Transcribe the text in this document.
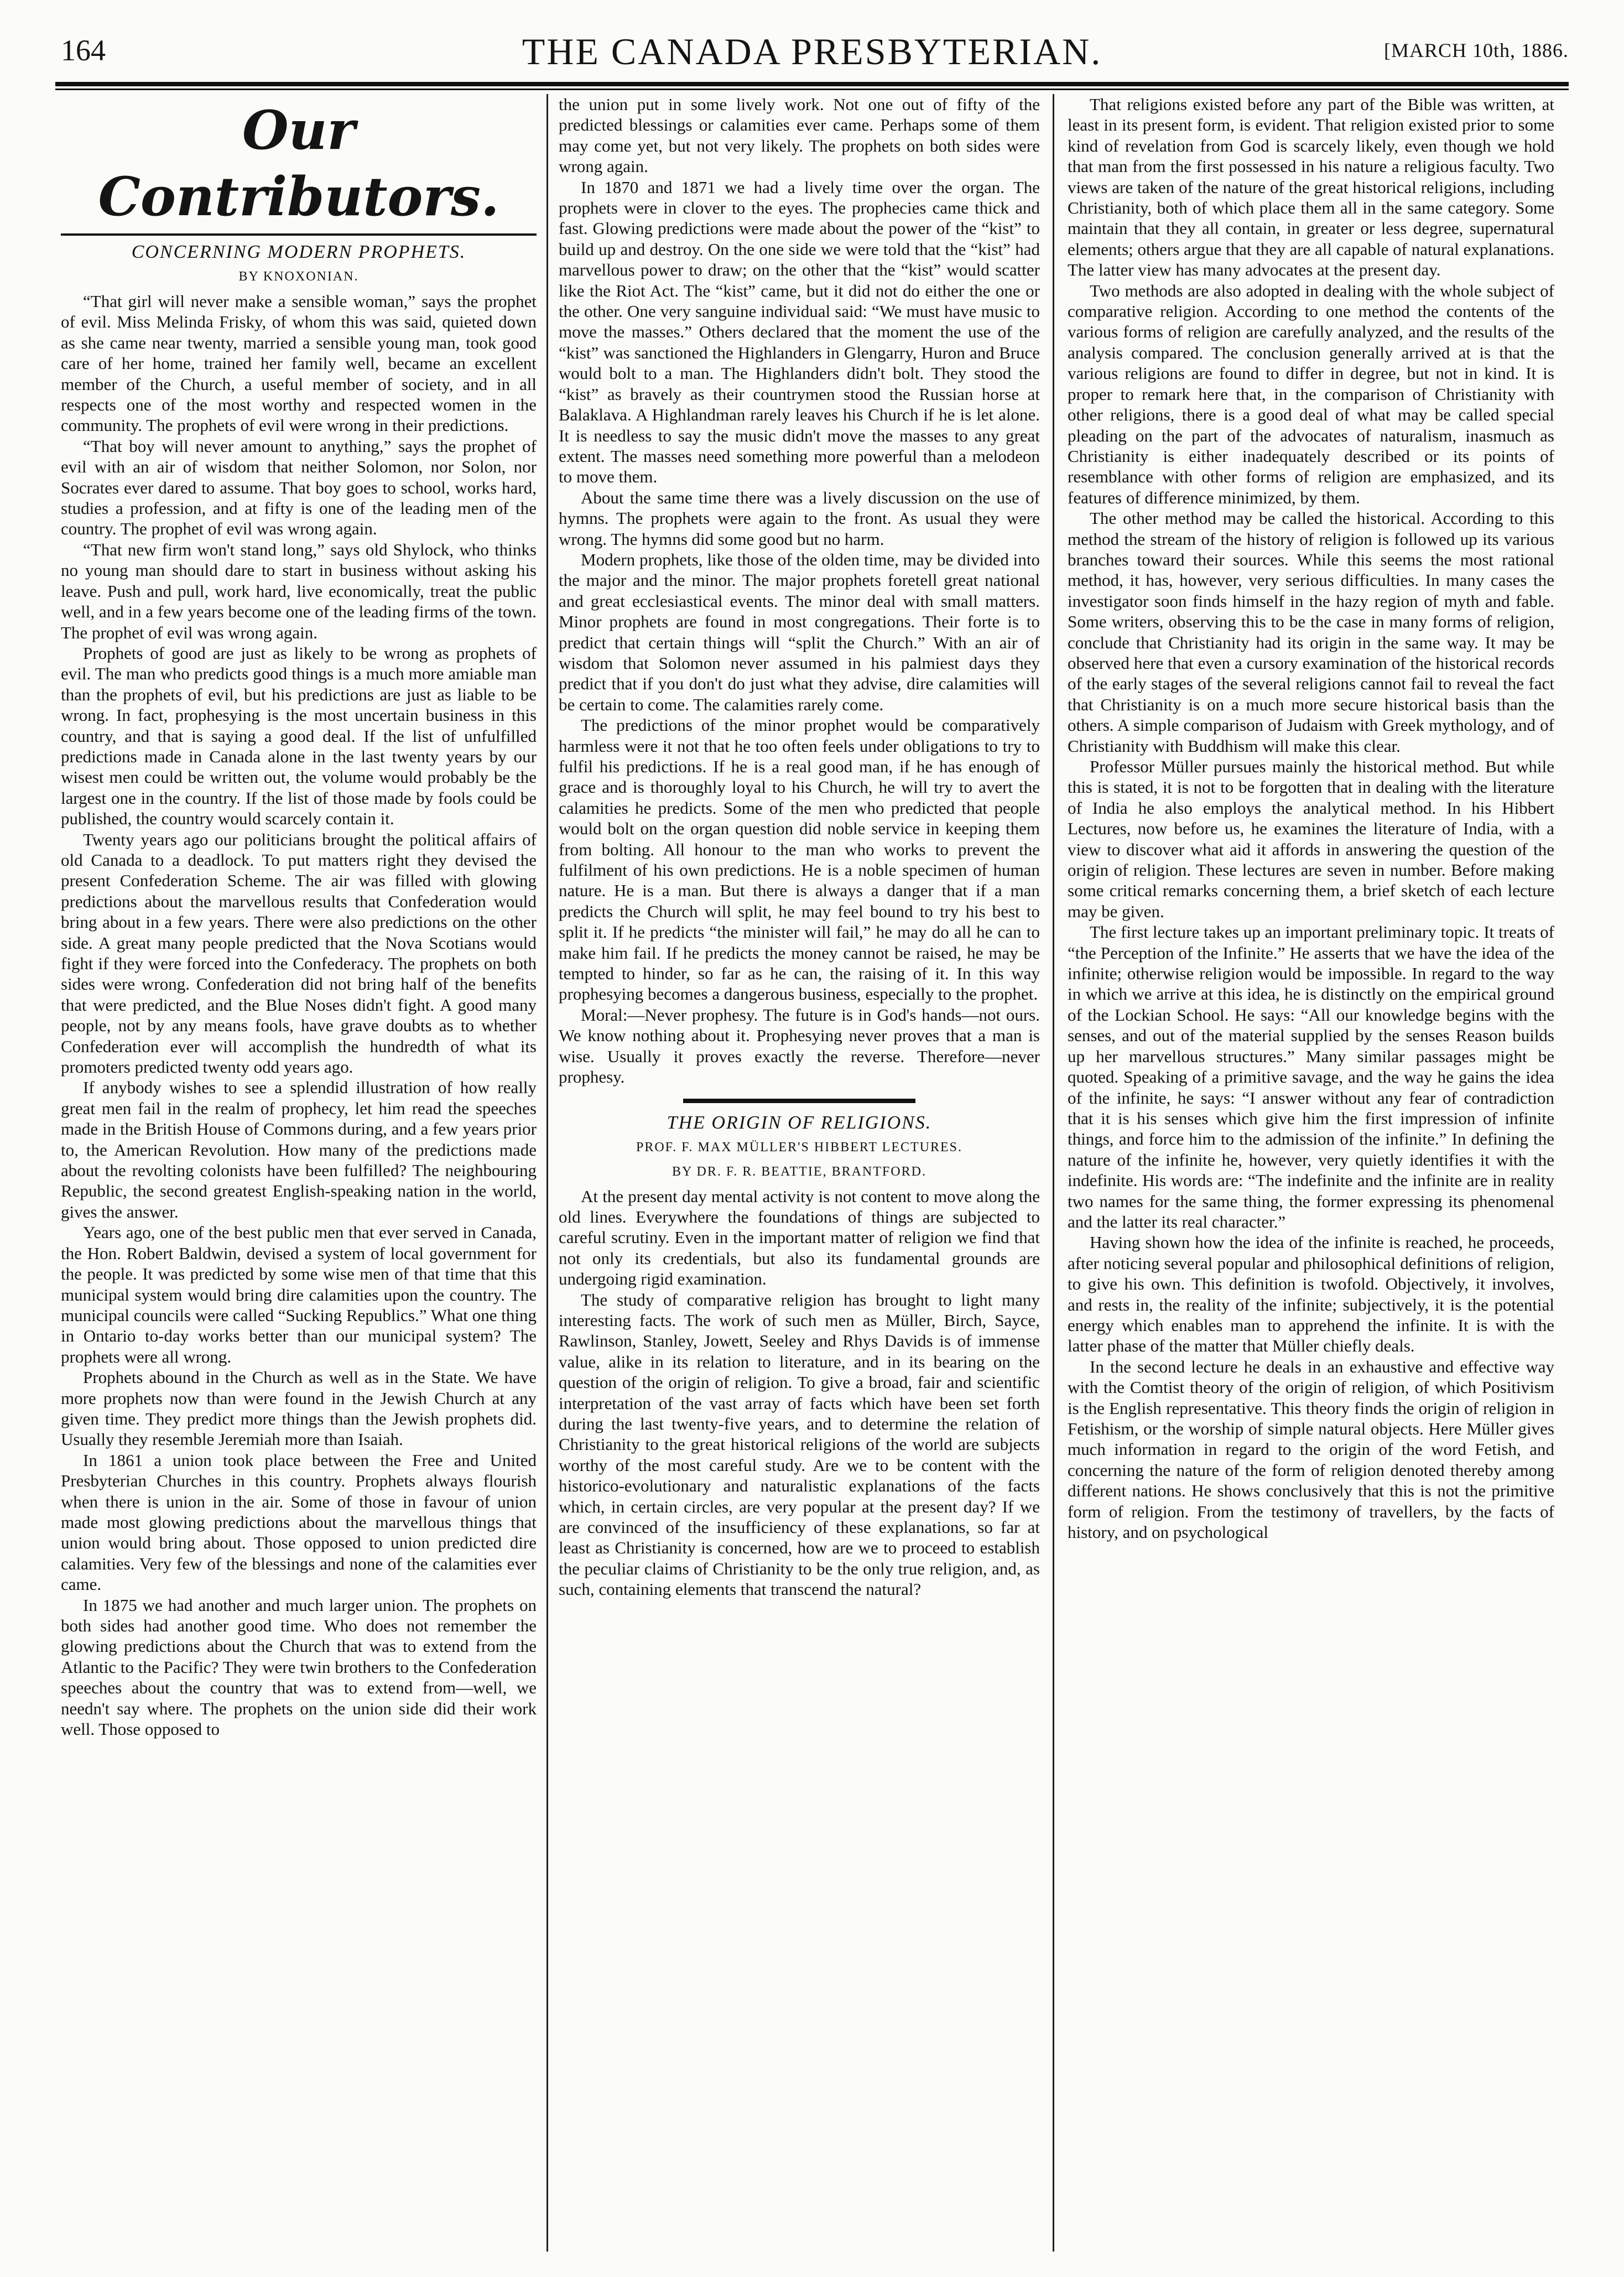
164	THE CANADA PRESBYTERIAN.	[MARCH 10th, 1886.
Our Contributors.
CONCERNING MODERN PROPHETS.
BY KNOXONIAN.

“That girl will never make a sensible woman,” says the prophet of evil. Miss Melinda Frisky, of whom this was said, quieted down as she came near twenty, married a sensible young man, took good care of her home, trained her family well, became an excellent member of the Church, a useful member of society, and in all respects one of the most worthy and respected women in the community. The prophets of evil were wrong in their predictions.

“That boy will never amount to anything,” says the prophet of evil with an air of wisdom that neither Solomon, nor Solon, nor Socrates ever dared to assume. That boy goes to school, works hard, studies a profession, and at fifty is one of the leading men of the country. The prophet of evil was wrong again.

“That new firm won't stand long,” says old Shylock, who thinks no young man should dare to start in business without asking his leave. Push and pull, work hard, live economically, treat the public well, and in a few years become one of the leading firms of the town. The prophet of evil was wrong again.

Prophets of good are just as likely to be wrong as prophets of evil. The man who predicts good things is a much more amiable man than the prophets of evil, but his predictions are just as liable to be wrong. In fact, prophesying is the most uncertain business in this country, and that is saying a good deal. If the list of unfulfilled predictions made in Canada alone in the last twenty years by our wisest men could be written out, the volume would probably be the largest one in the country. If the list of those made by fools could be published, the country would scarcely contain it.

Twenty years ago our politicians brought the political affairs of old Canada to a deadlock. To put matters right they devised the present Confederation Scheme. The air was filled with glowing predictions about the marvellous results that Confederation would bring about in a few years. There were also predictions on the other side. A great many people predicted that the Nova Scotians would fight if they were forced into the Confederacy. The prophets on both sides were wrong. Confederation did not bring half of the benefits that were predicted, and the Blue Noses didn't fight. A good many people, not by any means fools, have grave doubts as to whether Confederation ever will accomplish the hundredth of what its promoters predicted twenty odd years ago.

If anybody wishes to see a splendid illustration of how really great men fail in the realm of prophecy, let him read the speeches made in the British House of Commons during, and a few years prior to, the American Revolution. How many of the predictions made about the revolting colonists have been fulfilled? The neighbouring Republic, the second greatest English-speaking nation in the world, gives the answer.

Years ago, one of the best public men that ever served in Canada, the Hon. Robert Baldwin, devised a system of local government for the people. It was predicted by some wise men of that time that this municipal system would bring dire calamities upon the country. The municipal councils were called “Sucking Republics.” What one thing in Ontario to-day works better than our municipal system? The prophets were all wrong.

Prophets abound in the Church as well as in the State. We have more prophets now than were found in the Jewish Church at any given time. They predict more things than the Jewish prophets did. Usually they resemble Jeremiah more than Isaiah.

In 1861 a union took place between the Free and United Presbyterian Churches in this country. Prophets always flourish when there is union in the air. Some of those in favour of union made most glowing predictions about the marvellous things that union would bring about. Those opposed to union predicted dire calamities. Very few of the blessings and none of the calamities ever came.

In 1875 we had another and much larger union. The prophets on both sides had another good time. Who does not remember the glowing predictions about the Church that was to extend from the Atlantic to the Pacific? They were twin brothers to the Confederation speeches about the country that was to extend from—well, we needn't say where. The prophets on the union side did their work well. Those opposed to

the union put in some lively work. Not one out of fifty of the predicted blessings or calamities ever came. Perhaps some of them may come yet, but not very likely. The prophets on both sides were wrong again.

In 1870 and 1871 we had a lively time over the organ. The prophets were in clover to the eyes. The prophecies came thick and fast. Glowing predictions were made about the power of the “kist” to build up and destroy. On the one side we were told that the “kist” had marvellous power to draw; on the other that the “kist” would scatter like the Riot Act. The “kist” came, but it did not do either the one or the other. One very sanguine individual said: “We must have music to move the masses.” Others declared that the moment the use of the “kist” was sanctioned the Highlanders in Glengarry, Huron and Bruce would bolt to a man. The Highlanders didn't bolt. They stood the “kist” as bravely as their countrymen stood the Russian horse at Balaklava. A Highlandman rarely leaves his Church if he is let alone. It is needless to say the music didn't move the masses to any great extent. The masses need something more powerful than a melodeon to move them.

About the same time there was a lively discussion on the use of hymns. The prophets were again to the front. As usual they were wrong. The hymns did some good but no harm.

Modern prophets, like those of the olden time, may be divided into the major and the minor. The major prophets foretell great national and great ecclesiastical events. The minor deal with small matters. Minor prophets are found in most congregations. Their forte is to predict that certain things will “split the Church.” With an air of wisdom that Solomon never assumed in his palmiest days they predict that if you don't do just what they advise, dire calamities will be certain to come. The calamities rarely come.

The predictions of the minor prophet would be comparatively harmless were it not that he too often feels under obligations to try to fulfil his predictions. If he is a real good man, if he has enough of grace and is thoroughly loyal to his Church, he will try to avert the calamities he predicts. Some of the men who predicted that people would bolt on the organ question did noble service in keeping them from bolting. All honour to the man who works to prevent the fulfilment of his own predictions. He is a noble specimen of human nature. He is a man. But there is always a danger that if a man predicts the Church will split, he may feel bound to try his best to split it. If he predicts “the minister will fail,” he may do all he can to make him fail. If he predicts the money cannot be raised, he may be tempted to hinder, so far as he can, the raising of it. In this way prophesying becomes a dangerous business, especially to the prophet.

Moral:—Never prophesy. The future is in God's hands—not ours. We know nothing about it. Prophesying never proves that a man is wise. Usually it proves exactly the reverse. Therefore—never prophesy.

THE ORIGIN OF RELIGIONS.
PROF. F. MAX MÜLLER'S HIBBERT LECTURES.
BY DR. F. R. BEATTIE, BRANTFORD.

At the present day mental activity is not content to move along the old lines. Everywhere the foundations of things are subjected to careful scrutiny. Even in the important matter of religion we find that not only its credentials, but also its fundamental grounds are undergoing rigid examination.

The study of comparative religion has brought to light many interesting facts. The work of such men as Müller, Birch, Sayce, Rawlinson, Stanley, Jowett, Seeley and Rhys Davids is of immense value, alike in its relation to literature, and in its bearing on the question of the origin of religion. To give a broad, fair and scientific interpretation of the vast array of facts which have been set forth during the last twenty-five years, and to determine the relation of Christianity to the great historical religions of the world are subjects worthy of the most careful study. Are we to be content with the historico-evolutionary and naturalistic explanations of the facts which, in certain circles, are very popular at the present day? If we are convinced of the insufficiency of these explanations, so far at least as Christianity is concerned, how are we to proceed to establish the peculiar claims of Christianity to be the only true religion, and, as such, containing elements that transcend the natural?

That religions existed before any part of the Bible was written, at least in its present form, is evident. That religion existed prior to some kind of revelation from God is scarcely likely, even though we hold that man from the first possessed in his nature a religious faculty. Two views are taken of the nature of the great historical religions, including Christianity, both of which place them all in the same category. Some maintain that they all contain, in greater or less degree, supernatural elements; others argue that they are all capable of natural explanations. The latter view has many advocates at the present day.

Two methods are also adopted in dealing with the whole subject of comparative religion. According to one method the contents of the various forms of religion are carefully analyzed, and the results of the analysis compared. The conclusion generally arrived at is that the various religions are found to differ in degree, but not in kind. It is proper to remark here that, in the comparison of Christianity with other religions, there is a good deal of what may be called special pleading on the part of the advocates of naturalism, inasmuch as Christianity is either inadequately described or its points of resemblance with other forms of religion are emphasized, and its features of difference minimized, by them.

The other method may be called the historical. According to this method the stream of the history of religion is followed up its various branches toward their sources. While this seems the most rational method, it has, however, very serious difficulties. In many cases the investigator soon finds himself in the hazy region of myth and fable. Some writers, observing this to be the case in many forms of religion, conclude that Christianity had its origin in the same way. It may be observed here that even a cursory examination of the historical records of the early stages of the several religions cannot fail to reveal the fact that Christianity is on a much more secure historical basis than the others. A simple comparison of Judaism with Greek mythology, and of Christianity with Buddhism will make this clear.

Professor Müller pursues mainly the historical method. But while this is stated, it is not to be forgotten that in dealing with the literature of India he also employs the analytical method. In his Hibbert Lectures, now before us, he examines the literature of India, with a view to discover what aid it affords in answering the question of the origin of religion. These lectures are seven in number. Before making some critical remarks concerning them, a brief sketch of each lecture may be given.

The first lecture takes up an important preliminary topic. It treats of “the Perception of the Infinite.” He asserts that we have the idea of the infinite; otherwise religion would be impossible. In regard to the way in which we arrive at this idea, he is distinctly on the empirical ground of the Lockian School. He says: “All our knowledge begins with the senses, and out of the material supplied by the senses Reason builds up her marvellous structures.” Many similar passages might be quoted. Speaking of a primitive savage, and the way he gains the idea of the infinite, he says: “I answer without any fear of contradiction that it is his senses which give him the first impression of infinite things, and force him to the admission of the infinite.” In defining the nature of the infinite he, however, very quietly identifies it with the indefinite. His words are: “The indefinite and the infinite are in reality two names for the same thing, the former expressing its phenomenal and the latter its real character.”

Having shown how the idea of the infinite is reached, he proceeds, after noticing several popular and philosophical definitions of religion, to give his own. This definition is twofold. Objectively, it involves, and rests in, the reality of the infinite; subjectively, it is the potential energy which enables man to apprehend the infinite. It is with the latter phase of the matter that Müller chiefly deals.

In the second lecture he deals in an exhaustive and effective way with the Comtist theory of the origin of religion, of which Positivism is the English representative. This theory finds the origin of religion in Fetishism, or the worship of simple natural objects. Here Müller gives much information in regard to the origin of the word Fetish, and concerning the nature of the form of religion denoted thereby among different nations. He shows conclusively that this is not the primitive form of religion. From the testimony of travellers, by the facts of history, and on psychological
